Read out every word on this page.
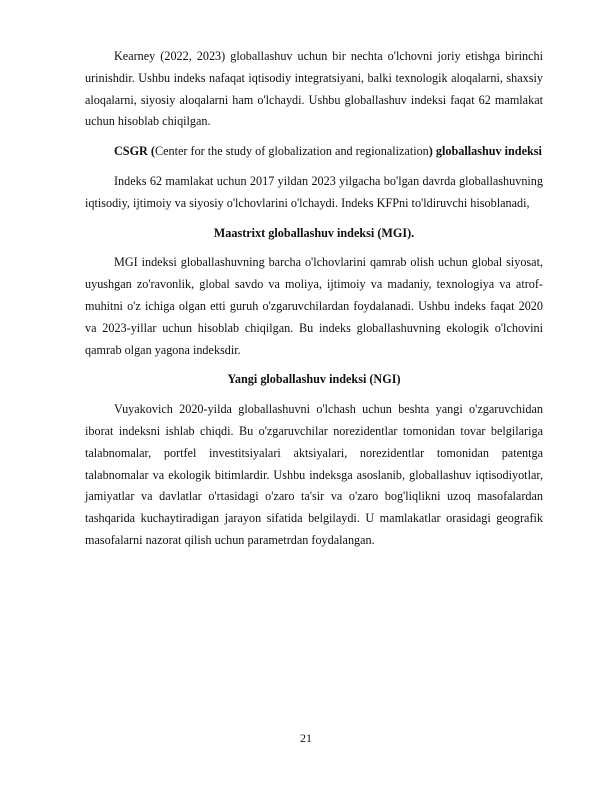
Kearney (2022, 2023) globallashuv uchun bir nechta o'lchovni joriy etishga birinchi urinishdir. Ushbu indeks nafaqat iqtisodiy integratsiyani, balki texnologik aloqalarni, shaxsiy aloqalarni, siyosiy aloqalarni ham o'lchaydi. Ushbu globallashuv indeksi faqat 62 mamlakat uchun hisoblab chiqilgan.

CSGR (Center for the study of globalization and regionalization) globallashuv indeksi

Indeks 62 mamlakat uchun 2017 yildan 2023 yilgacha bo'lgan davrda globallashuvning iqtisodiy, ijtimoiy va siyosiy o'lchovlarini o'lchaydi. Indeks KFPni to'ldiruvchi hisoblanadi,

Maastrixt globallashuv indeksi (MGI).

MGI indeksi globallashuvning barcha o'lchovlarini qamrab olish uchun global siyosat, uyushgan zo'ravonlik, global savdo va moliya, ijtimoiy va madaniy, texnologiya va atrof-muhitni o'z ichiga olgan etti guruh o'zgaruvchilardan foydalanadi. Ushbu indeks faqat 2020 va 2023-yillar uchun hisoblab chiqilgan. Bu indeks globallashuvning ekologik o'lchovini qamrab olgan yagona indeksdir.

Yangi globallashuv indeksi (NGI)

Vuyakovich 2020-yilda globallashuvni o'lchash uchun beshta yangi o'zgaruvchidan iborat indeksni ishlab chiqdi. Bu o'zgaruvchilar norezidentlar tomonidan tovar belgilariga talabnomalar, portfel investitsiyalari aktsiyalari, norezidentlar tomonidan patentga talabnomalar va ekologik bitimlardir. Ushbu indeksga asoslanib, globallashuv iqtisodiyotlar, jamiyatlar va davlatlar o'rtasidagi o'zaro ta'sir va o'zaro bog'liqlikni uzoq masofalardan tashqarida kuchaytiradigan jarayon sifatida belgilaydi. U mamlakatlar orasidagi geografik masofalarni nazorat qilish uchun parametrdan foydalangan.

21
